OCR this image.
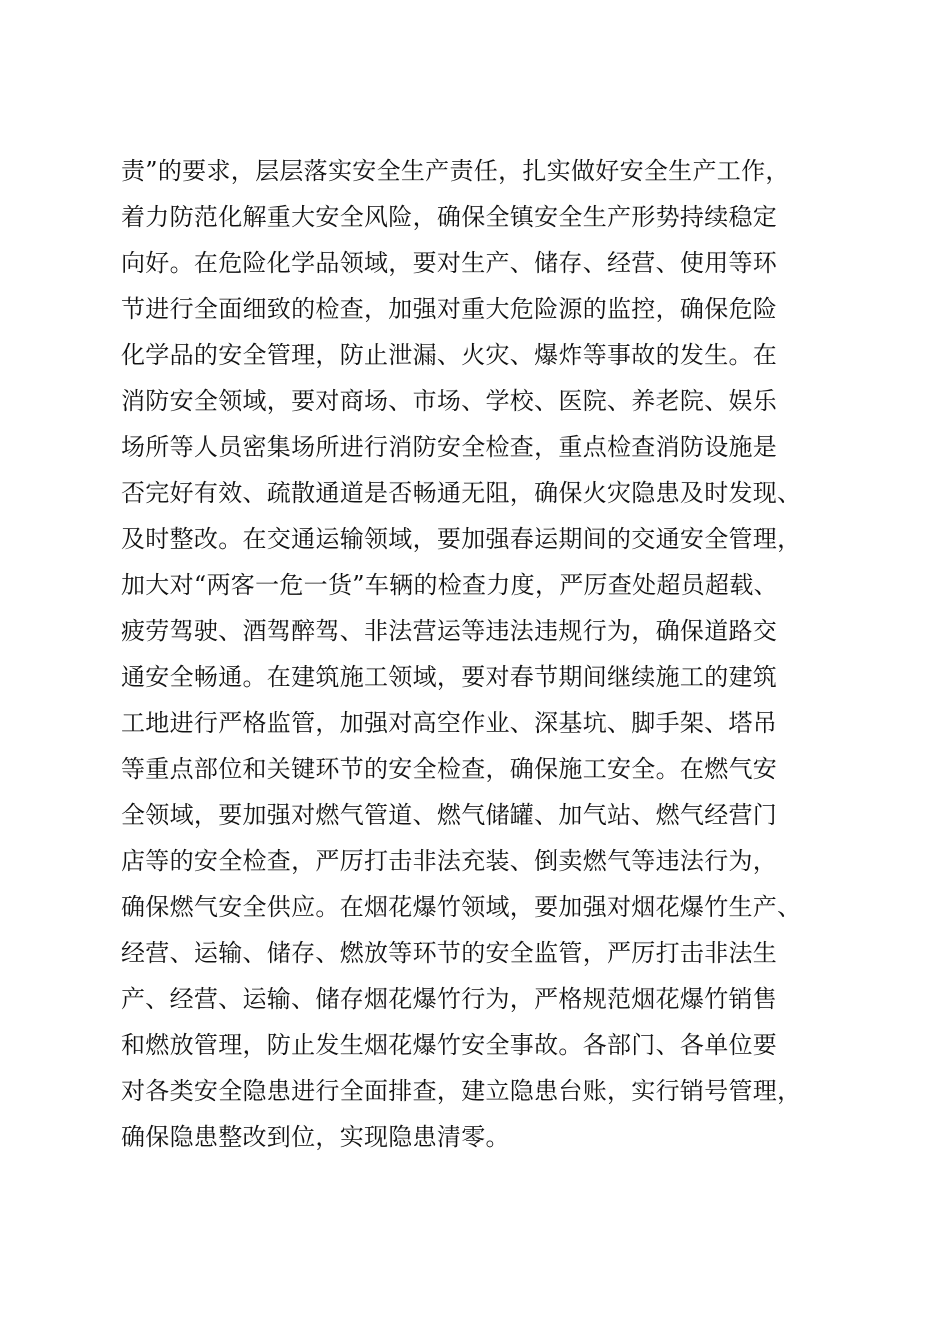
责”的要求，层层落实安全生产责任，扎实做好安全生产工作，
着力防范化解重大安全风险，确保全镇安全生产形势持续稳定
向好。在危险化学品领域，要对生产、储存、经营、使用等环
节进行全面细致的检查，加强对重大危险源的监控，确保危险
化学品的安全管理，防止泄漏、火灾、爆炸等事故的发生。在
消防安全领域，要对商场、市场、学校、医院、养老院、娱乐
场所等人员密集场所进行消防安全检查，重点检查消防设施是
否完好有效、疏散通道是否畅通无阻，确保火灾隐患及时发现、
及时整改。在交通运输领域，要加强春运期间的交通安全管理，
加大对“两客一危一货”车辆的检查力度，严厉查处超员超载、
疲劳驾驶、酒驾醉驾、非法营运等违法违规行为，确保道路交
通安全畅通。在建筑施工领域，要对春节期间继续施工的建筑
工地进行严格监管，加强对高空作业、深基坑、脚手架、塔吊
等重点部位和关键环节的安全检查，确保施工安全。在燃气安
全领域，要加强对燃气管道、燃气储罐、加气站、燃气经营门
店等的安全检查，严厉打击非法充装、倒卖燃气等违法行为，
确保燃气安全供应。在烟花爆竹领域，要加强对烟花爆竹生产、
经营、运输、储存、燃放等环节的安全监管，严厉打击非法生
产、经营、运输、储存烟花爆竹行为，严格规范烟花爆竹销售
和燃放管理，防止发生烟花爆竹安全事故。各部门、各单位要
对各类安全隐患进行全面排查，建立隐患台账，实行销号管理，
确保隐患整改到位，实现隐患清零。
